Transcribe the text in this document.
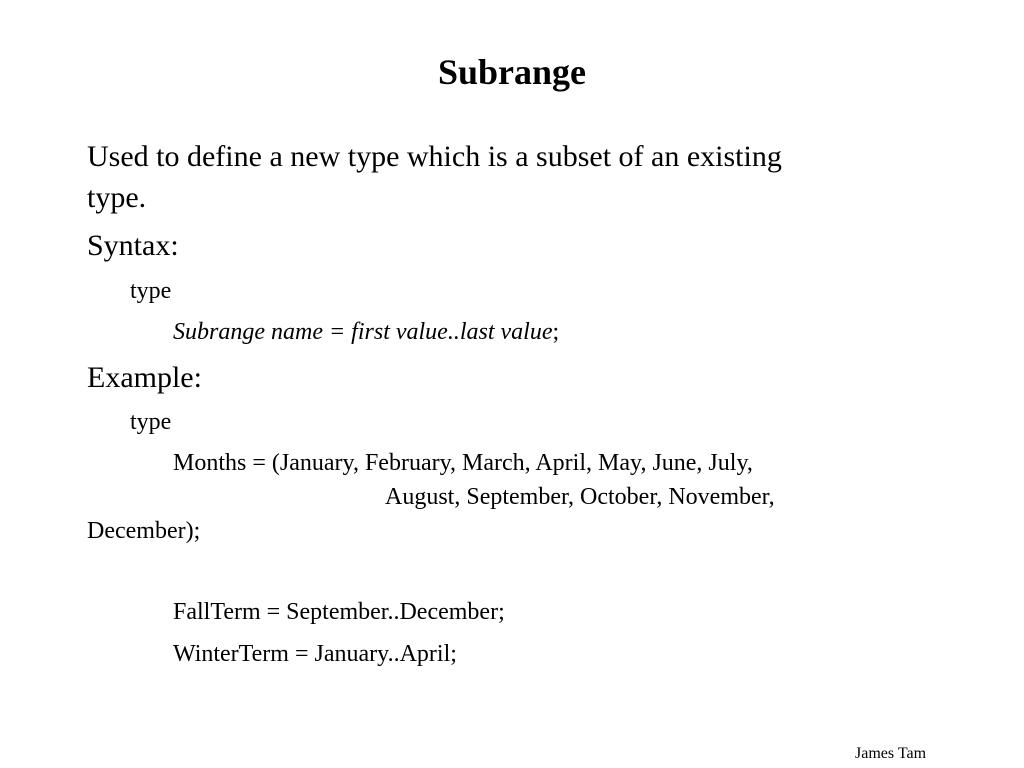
Subrange

Used to define a new type which is a subset of an existing

type.

Syntax:

type

Subrange name = first value..last value;

Example:

type

Months = (January, February, March, April, May, June, July,

August, September, October, November,

December);

FallTerm = September..December;

WinterTerm = January..April;

James Tam
